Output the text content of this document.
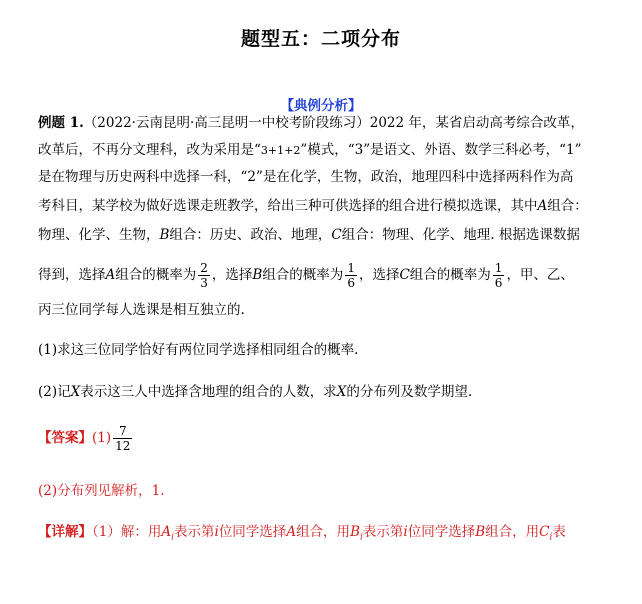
题型五：二项分布
【典例分析】
例题 1.（2022·云南昆明·高三昆明一中校考阶段练习）2022 年，某省启动高考综合改革，
改革后，不再分文理科，改为采用是“3+1+2”模式，“3”是语文、外语、数学三科必考，“1”
是在物理与历史两科中选择一科，“2”是在化学，生物，政治，地理四科中选择两科作为高
考科目，某学校为做好选课走班教学，给出三种可供选择的组合进行模拟选课，其中A组合：
物理、化学、生物，B组合：历史、政治、地理，C组合：物理、化学、地理. 根据选课数据
得到，选择A组合的概率为 $\frac{2}{3}$ ，选择B组合的概率为 $\frac{1}{6}$ ，选择C组合的概率为 $\frac{1}{6}$ ，甲、乙、
丙三位同学每人选课是相互独立的.
(1)求这三位同学恰好有两位同学选择相同组合的概率.
(2)记X表示这三人中选择含地理的组合的人数，求X的分布列及数学期望.
【答案】$(1) \frac{7}{12}$
(2)分布列见解析，1.
【详解】（1）解：用$A_i$表示第i位同学选择A组合，用$B_i$表示第i位同学选择B组合，用$C_i$表
